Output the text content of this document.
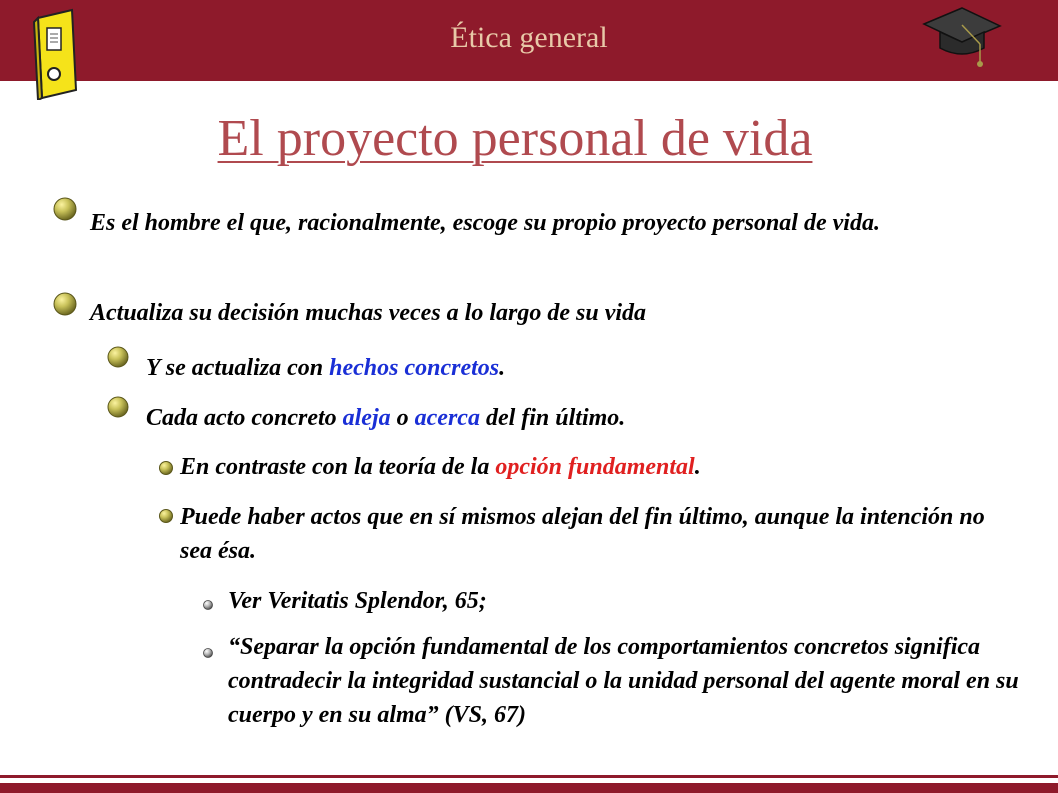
Ética general
El proyecto personal de vida
Es el hombre el que, racionalmente, escoge su propio proyecto personal de vida.
Actualiza su decisión muchas veces a lo largo de su vida
Y se actualiza con hechos concretos.
Cada acto concreto aleja o acerca del fin último.
En contraste con la teoría de la opción fundamental.
Puede haber actos que en sí mismos alejan del fin último, aunque la intención no sea ésa.
Ver Veritatis Splendor, 65;
“Separar la opción fundamental de los comportamientos concretos significa contradecir la integridad sustancial o la unidad personal del agente moral en su cuerpo y en su alma” (VS, 67)
